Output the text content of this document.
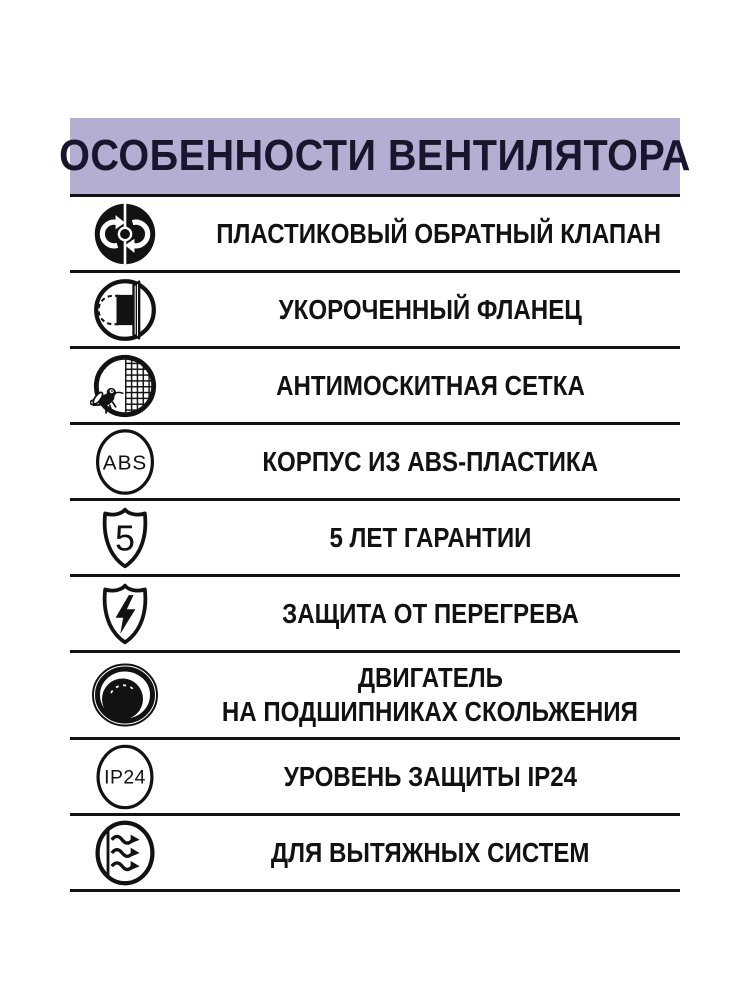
ОСОБЕННОСТИ ВЕНТИЛЯТОРА
ПЛАСТИКОВЫЙ ОБРАТНЫЙ КЛАПАН
УКОРОЧЕННЫЙ ФЛАНЕЦ
АНТИМОСКИТНАЯ СЕТКА
ABS	КОРПУС ИЗ ABS-ПЛАСТИКА
5	5 ЛЕТ ГАРАНТИИ
ЗАЩИТА ОТ ПЕРЕГРЕВА
ДВИГАТЕЛЬ
НА ПОДШИПНИКАХ СКОЛЬЖЕНИЯ
IP24	УРОВЕНЬ ЗАЩИТЫ IP24
ДЛЯ ВЫТЯЖНЫХ СИСТЕМ
